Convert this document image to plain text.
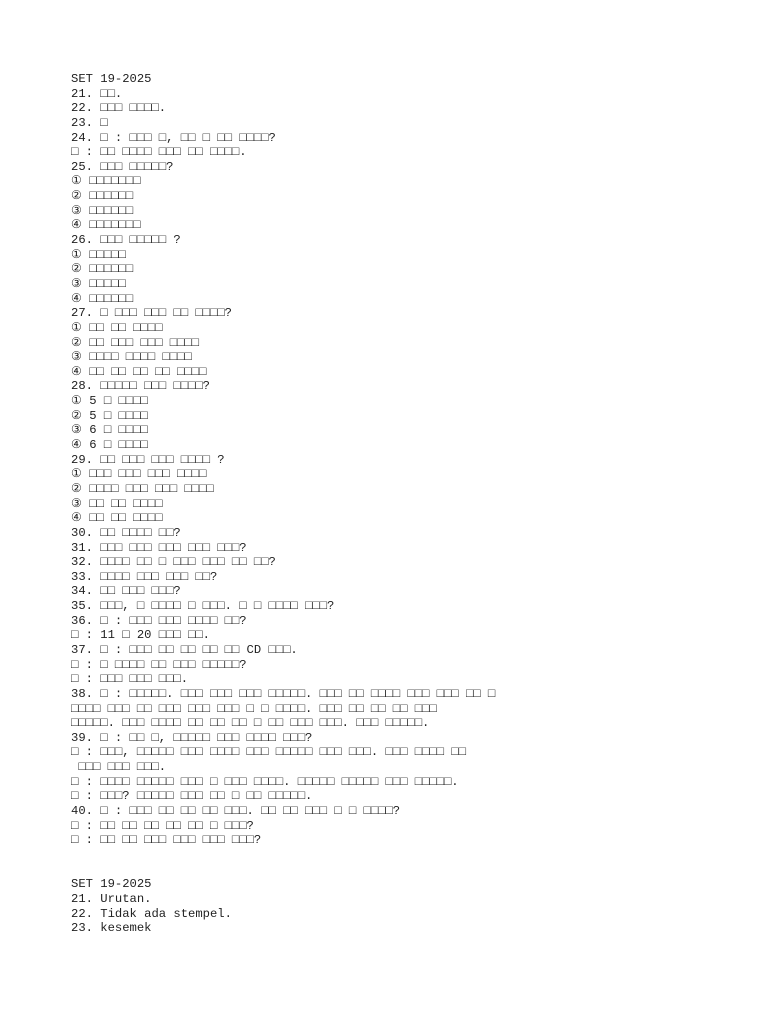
SET 19-2025
21. □□.
22. □□□ □□□□.
23. □
24. □ : □□□ □, □□ □ □□ □□□□?
□ : □□ □□□□ □□□ □□ □□□□.
25. □□□ □□□□□?
① □□□□□□□
② □□□□□□
③ □□□□□□
④ □□□□□□□
26. □□□ □□□□□ ?
① □□□□□
② □□□□□□
③ □□□□□
④ □□□□□□
27. □ □□□ □□□ □□ □□□□?
① □□ □□ □□□□
② □□ □□□ □□□ □□□□
③ □□□□ □□□□ □□□□
④ □□ □□ □□ □□ □□□□
28. □□□□□ □□□ □□□□?
① 5 □ □□□□
② 5 □ □□□□
③ 6 □ □□□□
④ 6 □ □□□□
29. □□ □□□ □□□ □□□□ ?
① □□□ □□□ □□□ □□□□
② □□□□ □□□ □□□ □□□□
③ □□ □□ □□□□
④ □□ □□ □□□□
30. □□ □□□□ □□?
31. □□□ □□□ □□□ □□□ □□□?
32. □□□□ □□ □ □□□ □□□ □□ □□?
33. □□□□ □□□ □□□ □□?
34. □□ □□□ □□□?
35. □□□, □ □□□□ □ □□□. □ □ □□□□ □□□?
36. □ : □□□ □□□ □□□□ □□?
□ : 11 □ 20 □□□ □□.
37. □ : □□□ □□ □□ □□ □□ CD □□□.
□ : □ □□□□ □□ □□□ □□□□□?
□ : □□□ □□□ □□□.
38. □ : □□□□□. □□□ □□□ □□□ □□□□□. □□□ □□ □□□□ □□□ □□□ □□ □
□□□□ □□□ □□ □□□ □□□ □□□ □ □ □□□□. □□□ □□ □□ □□ □□□
□□□□□. □□□ □□□□ □□ □□ □□ □ □□ □□□ □□□. □□□ □□□□□.
39. □ : □□ □, □□□□□ □□□ □□□□ □□□?
□ : □□□, □□□□□ □□□ □□□□ □□□ □□□□□ □□□ □□□. □□□ □□□□ □□
□□□ □□□ □□□.
□ : □□□□ □□□□□ □□□ □ □□□ □□□□. □□□□□ □□□□□ □□□ □□□□□.
□ : □□□? □□□□□ □□□ □□ □ □□ □□□□□.
40. □ : □□□ □□ □□ □□ □□□. □□ □□ □□□ □ □ □□□□?
□ : □□ □□ □□ □□ □□ □ □□□?
□ : □□ □□ □□□ □□□ □□□ □□□?
SET 19-2025
21. Urutan.
22. Tidak ada stempel.
23. kesemek
